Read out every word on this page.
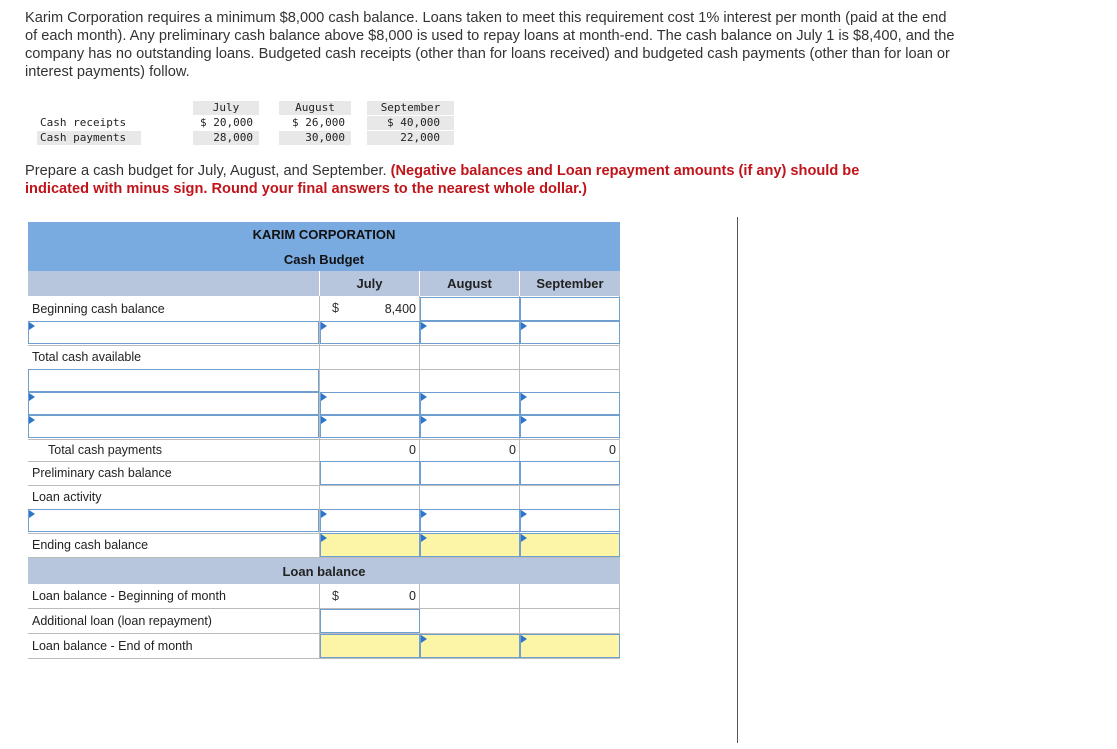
Karim Corporation requires a minimum $8,000 cash balance. Loans taken to meet this requirement cost 1% interest per month (paid at the end of each month). Any preliminary cash balance above $8,000 is used to repay loans at month-end. The cash balance on July 1 is $8,400, and the company has no outstanding loans. Budgeted cash receipts (other than for loans received) and budgeted cash payments (other than for loan or interest payments) follow.
July	August	September
Cash receipts	$ 20,000	$ 26,000	$ 40,000
Cash payments	28,000	30,000	22,000
Prepare a cash budget for July, August, and September. (Negative balances and Loan repayment amounts (if any) should be indicated with minus sign. Round your final answers to the nearest whole dollar.)
KARIM CORPORATION
Cash Budget
July	August	September
Beginning cash balance	$	8,400
Total cash available
Total cash payments	0	0	0
Preliminary cash balance
Loan activity
Ending cash balance
Loan balance
Loan balance - Beginning of month	$	0
Additional loan (loan repayment)
Loan balance - End of month
